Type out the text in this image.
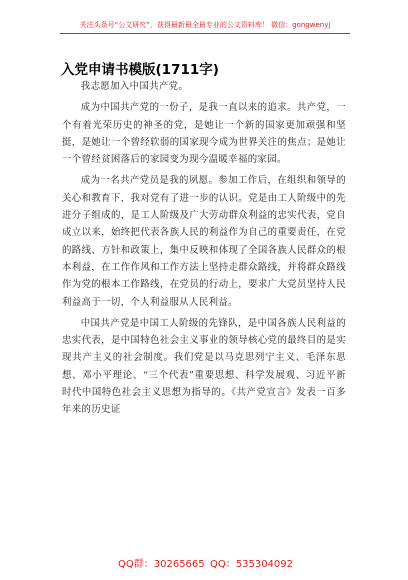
关注头条号“公文研究”，获得最新最全最专业的公文资料库！ 微信：gongwenyj
入党申请书模版(1711字)

我志愿加入中国共产党。

成为中国共产党的一份子，是我一直以来的追求。共产党，一个有着光荣历史的神圣的党，是她让一个新的国家更加顽强和坚挺，是她让一个曾经软弱的国家现今成为世界关注的焦点；是她让一个曾经贫困落后的家园变为现今温暖幸福的家园。

成为一名共产党员是我的夙愿。参加工作后，在组织和领导的关心和教育下，我对党有了进一步的认识。党是由工人阶级中的先进分子组成的，是工人阶级及广大劳动群众利益的忠实代表，党自成立以来，始终把代表各族人民的利益作为自己的重要责任，在党的路线、方针和政策上，集中反映和体现了全国各族人民群众的根本利益，在工作作风和工作方法上坚持走群众路线，并将群众路线作为党的根本工作路线，在党员的行动上，要求广大党员坚持人民利益高于一切，个人利益服从人民利益。

中国共产党是中国工人阶级的先锋队，是中国各族人民利益的忠实代表，是中国特色社会主义事业的领导核心党的最终目的是实现共产主义的社会制度。我们党是以马克思列宁主义、毛泽东思想、邓小平理论、“三个代表”重要思想、科学发展观、习近平新时代中国特色社会主义思想为指导的。《共产党宣言》发表一百多年来的历史证

QQ群：30265665 QQ：535304092
